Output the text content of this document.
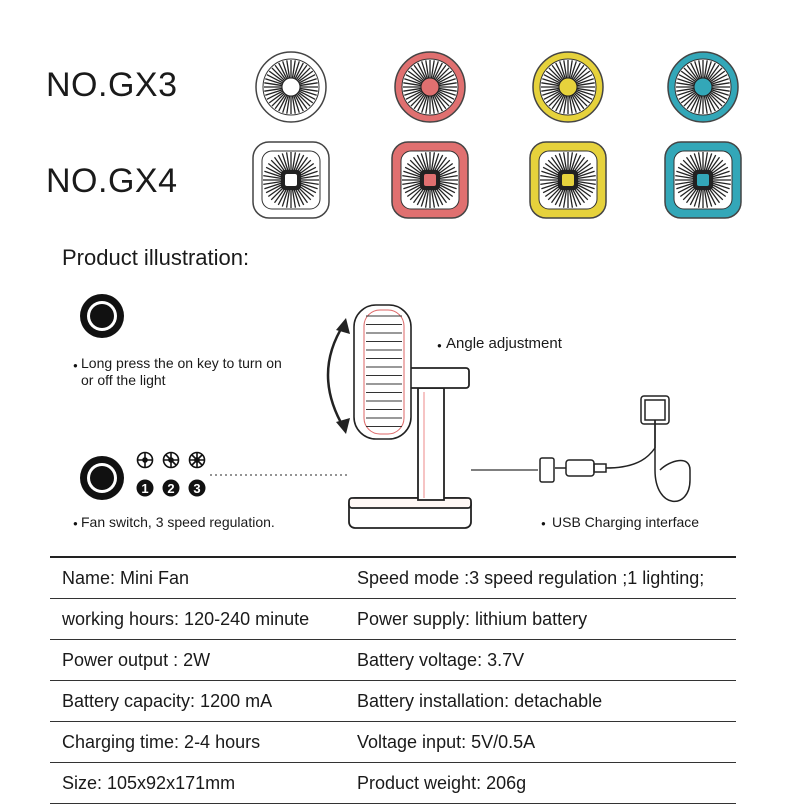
NO.GX3
NO.GX4
Product illustration:
1 2 3
●
●
●
●
Long press the on key to turn on or off the light
Angle adjustment
Fan switch, 3 speed regulation.	USB Charging interface
Name: Mini Fan	Speed mode :3 speed regulation ;1 lighting;
working hours: 120-240 minute	Power supply: lithium battery
Power output : 2W	Battery voltage: 3.7V
Battery capacity: 1200 mA	Battery installation: detachable
Charging time: 2-4 hours	Voltage input: 5V/0.5A
Size: 105x92x171mm	Product weight: 206g
